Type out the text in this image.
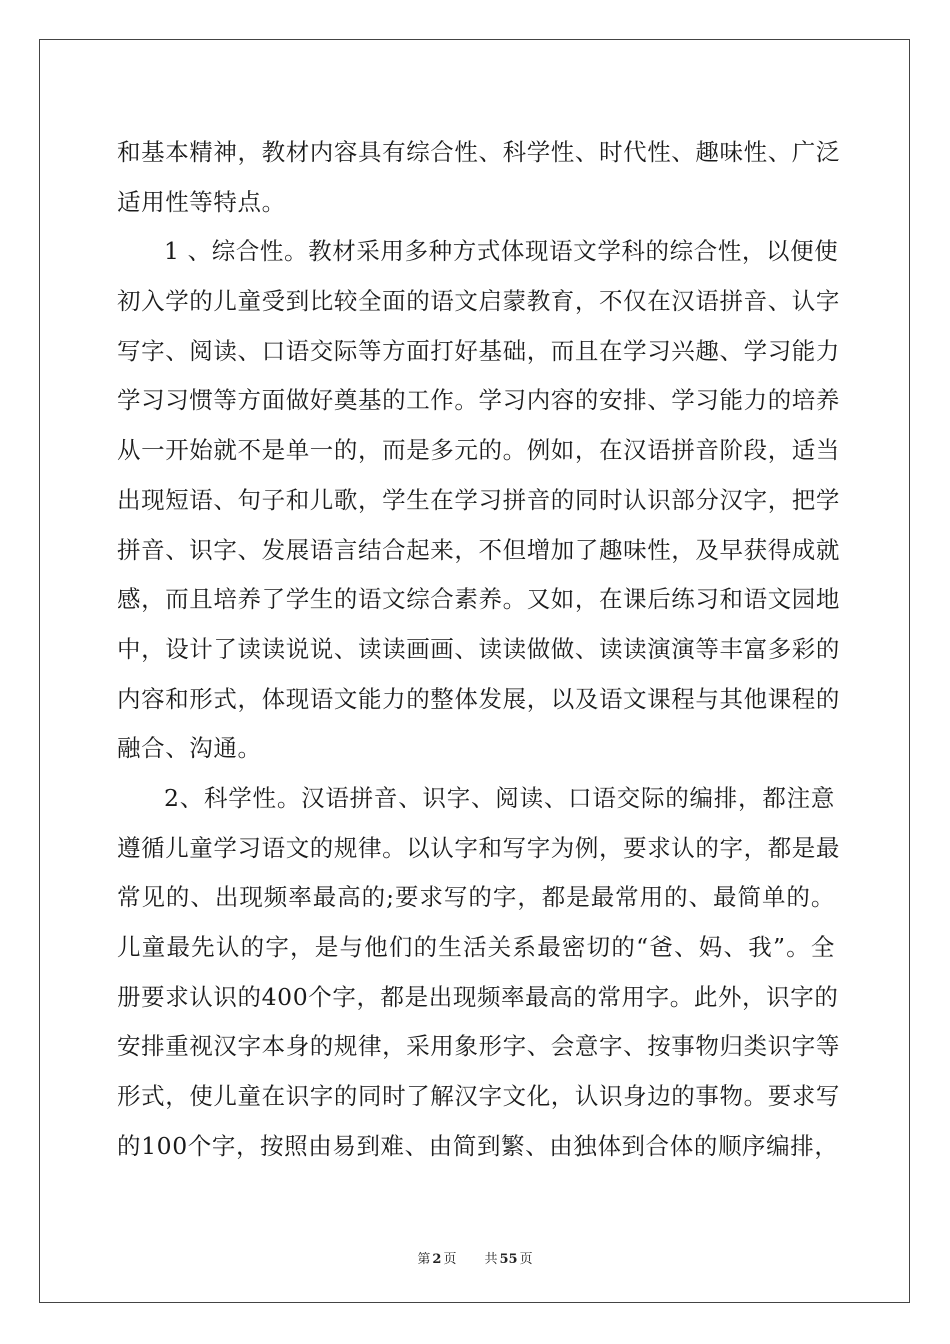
和基本精神，教材内容具有综合性、科学性、时代性、趣味性、广泛
适用性等特点。
1 、综合性。教材采用多种方式体现语文学科的综合性，以便使
初入学的儿童受到比较全面的语文启蒙教育，不仅在汉语拼音、认字
写字、阅读、口语交际等方面打好基础，而且在学习兴趣、学习能力
学习习惯等方面做好奠基的工作。学习内容的安排、学习能力的培养
从一开始就不是单一的，而是多元的。例如，在汉语拼音阶段，适当
出现短语、句子和儿歌，学生在学习拼音的同时认识部分汉字，把学
拼音、识字、发展语言结合起来，不但增加了趣味性，及早获得成就
感，而且培养了学生的语文综合素养。又如，在课后练习和语文园地
中，设计了读读说说、读读画画、读读做做、读读演演等丰富多彩的
内容和形式，体现语文能力的整体发展，以及语文课程与其他课程的
融合、沟通。
2、科学性。汉语拼音、识字、阅读、口语交际的编排，都注意
遵循儿童学习语文的规律。以认字和写字为例，要求认的字，都是最
常见的、出现频率最高的;要求写的字，都是最常用的、最简单的。
儿童最先认的字，是与他们的生活关系最密切的“爸、妈、我”。全
册要求认识的400个字，都是出现频率最高的常用字。此外，识字的
安排重视汉字本身的规律，采用象形字、会意字、按事物归类识字等
形式，使儿童在识字的同时了解汉字文化，认识身边的事物。要求写
的100个字，按照由易到难、由简到繁、由独体到合体的顺序编排，
第 2 页 共 55 页
